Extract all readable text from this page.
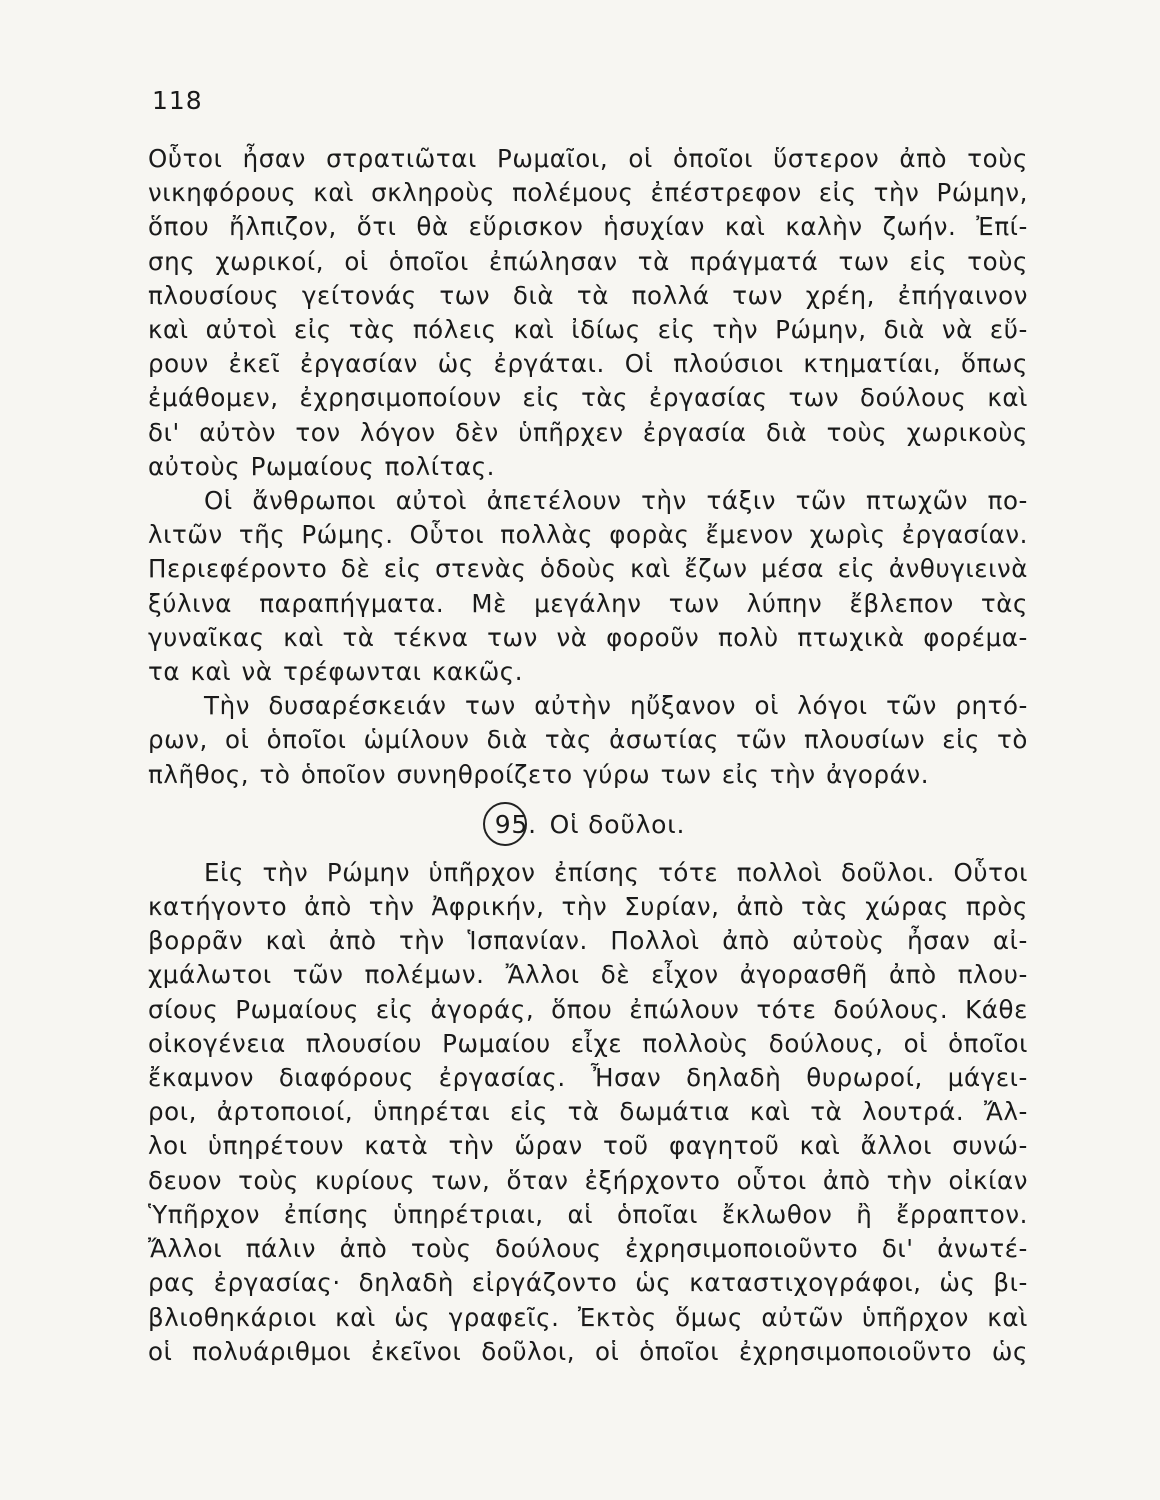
118
Οὗτοι ἦσαν στρατιῶται Ρωμαῖοι, οἱ ὁποῖοι ὕστερον ἀπὸ τοὺς
νικηφόρους καὶ σκληροὺς πολέμους ἐπέστρεφον εἰς τὴν Ρώμην,
ὅπου ἤλπιζον, ὅτι θὰ εὕρισκον ἡσυχίαν καὶ καλὴν ζωήν. Ἐπί-
σης χωρικοί, οἱ ὁποῖοι ἐπώλησαν τὰ πράγματά των εἰς τοὺς
πλουσίους γείτονάς των διὰ τὰ πολλά των χρέη, ἐπήγαινον
καὶ αὐτοὶ εἰς τὰς πόλεις καὶ ἰδίως εἰς τὴν Ρώμην, διὰ νὰ εὕ-
ρουν ἐκεῖ ἐργασίαν ὡς ἐργάται. Οἱ πλούσιοι κτηματίαι, ὅπως
ἐμάθομεν, ἐχρησιμοποίουν εἰς τὰς ἐργασίας των δούλους καὶ
δι' αὐτὸν τον λόγον δὲν ὑπῆρχεν ἐργασία διὰ τοὺς χωρικοὺς
αὐτοὺς Ρωμαίους πολίτας.
Οἱ ἄνθρωποι αὐτοὶ ἀπετέλουν τὴν τάξιν τῶν πτωχῶν πο-
λιτῶν τῆς Ρώμης. Οὗτοι πολλὰς φορὰς ἔμενον χωρὶς ἐργασίαν.
Περιεφέροντο δὲ εἰς στενὰς ὁδοὺς καὶ ἔζων μέσα εἰς ἀνθυγιεινὰ
ξύλινα παραπήγματα. Μὲ μεγάλην των λύπην ἔβλεπον τὰς
γυναῖκας καὶ τὰ τέκνα των νὰ φοροῦν πολὺ πτωχικὰ φορέμα-
τα καὶ νὰ τρέφωνται κακῶς.
Τὴν δυσαρέσκειάν των αὐτὴν ηὔξανον οἱ λόγοι τῶν ρητό-
ρων, οἱ ὁποῖοι ὡμίλουν διὰ τὰς ἀσωτίας τῶν πλουσίων εἰς τὸ
πλῆθος, τὸ ὁποῖον συνηθροίζετο γύρω των εἰς τὴν ἀγοράν.
95. Οἱ δοῦλοι.
Εἰς τὴν Ρώμην ὑπῆρχον ἐπίσης τότε πολλοὶ δοῦλοι. Οὗτοι
κατήγοντο ἀπὸ τὴν Ἀφρικήν, τὴν Συρίαν, ἀπὸ τὰς χώρας πρὸς
βορρᾶν καὶ ἀπὸ τὴν Ἱσπανίαν. Πολλοὶ ἀπὸ αὐτοὺς ἦσαν αἰ-
χμάλωτοι τῶν πολέμων. Ἄλλοι δὲ εἶχον ἀγορασθῆ ἀπὸ πλου-
σίους Ρωμαίους εἰς ἀγοράς, ὅπου ἐπώλουν τότε δούλους. Κάθε
οἰκογένεια πλουσίου Ρωμαίου εἶχε πολλοὺς δούλους, οἱ ὁποῖοι
ἔκαμνον διαφόρους ἐργασίας. Ἦσαν δηλαδὴ θυρωροί, μάγει-
ροι, ἀρτοποιοί, ὑπηρέται εἰς τὰ δωμάτια καὶ τὰ λουτρά. Ἄλ-
λοι ὑπηρέτουν κατὰ τὴν ὥραν τοῦ φαγητοῦ καὶ ἄλλοι συνώ-
δευον τοὺς κυρίους των, ὅταν ἐξήρχοντο οὗτοι ἀπὸ τὴν οἰκίαν
Ὑπῆρχον ἐπίσης ὑπηρέτριαι, αἱ ὁποῖαι ἔκλωθον ἢ ἔρραπτον.
Ἄλλοι πάλιν ἀπὸ τοὺς δούλους ἐχρησιμοποιοῦντο δι' ἀνωτέ-
ρας ἐργασίας· δηλαδὴ εἰργάζοντο ὡς καταστιχογράφοι, ὡς βι-
βλιοθηκάριοι καὶ ὡς γραφεῖς. Ἐκτὸς ὅμως αὐτῶν ὑπῆρχον καὶ
οἱ πολυάριθμοι ἐκεῖνοι δοῦλοι, οἱ ὁποῖοι ἐχρησιμοποιοῦντο ὡς
